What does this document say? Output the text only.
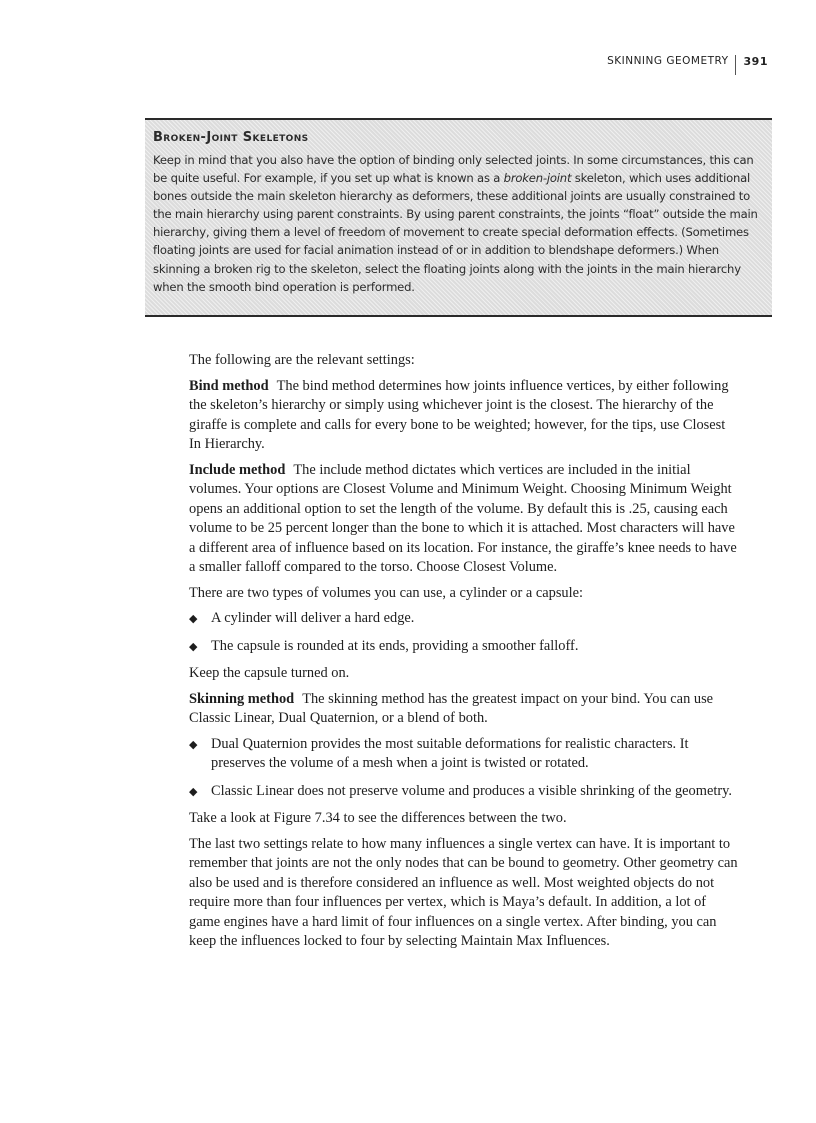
SKINNING GEOMETRY 391

Broken-Joint Skeletons

Keep in mind that you also have the option of binding only selected joints. In some circumstances, this can be quite useful. For example, if you set up what is known as a broken-joint skeleton, which uses additional bones outside the main skeleton hierarchy as deformers, these additional joints are usually constrained to the main hierarchy using parent constraints. By using parent constraints, the joints “float” outside the main hierarchy, giving them a level of freedom of movement to create special deformation effects. (Sometimes floating joints are used for facial animation instead of or in addition to blendshape deformers.) When skinning a broken rig to the skeleton, select the floating joints along with the joints in the main hierarchy when the smooth bind operation is performed.

The following are the relevant settings:

Bind method The bind method determines how joints influence vertices, by either following the skeleton’s hierarchy or simply using whichever joint is the closest. The hierarchy of the giraffe is complete and calls for every bone to be weighted; however, for the tips, use Closest In Hierarchy.

Include method The include method dictates which vertices are included in the initial volumes. Your options are Closest Volume and Minimum Weight. Choosing Minimum Weight opens an additional option to set the length of the volume. By default this is .25, causing each volume to be 25 percent longer than the bone to which it is attached. Most characters will have a different area of influence based on its location. For instance, the giraffe’s knee needs to have a smaller falloff compared to the torso. Choose Closest Volume.

There are two types of volumes you can use, a cylinder or a capsule:

◆ A cylinder will deliver a hard edge.
◆ The capsule is rounded at its ends, providing a smoother falloff.

Keep the capsule turned on.

Skinning method The skinning method has the greatest impact on your bind. You can use Classic Linear, Dual Quaternion, or a blend of both.

◆ Dual Quaternion provides the most suitable deformations for realistic characters. It preserves the volume of a mesh when a joint is twisted or rotated.
◆ Classic Linear does not preserve volume and produces a visible shrinking of the geometry.

Take a look at Figure 7.34 to see the differences between the two.

The last two settings relate to how many influences a single vertex can have. It is important to remember that joints are not the only nodes that can be bound to geometry. Other geometry can also be used and is therefore considered an influence as well. Most weighted objects do not require more than four influences per vertex, which is Maya’s default. In addition, a lot of game engines have a hard limit of four influences on a single vertex. After binding, you can keep the influences locked to four by selecting Maintain Max Influences.
